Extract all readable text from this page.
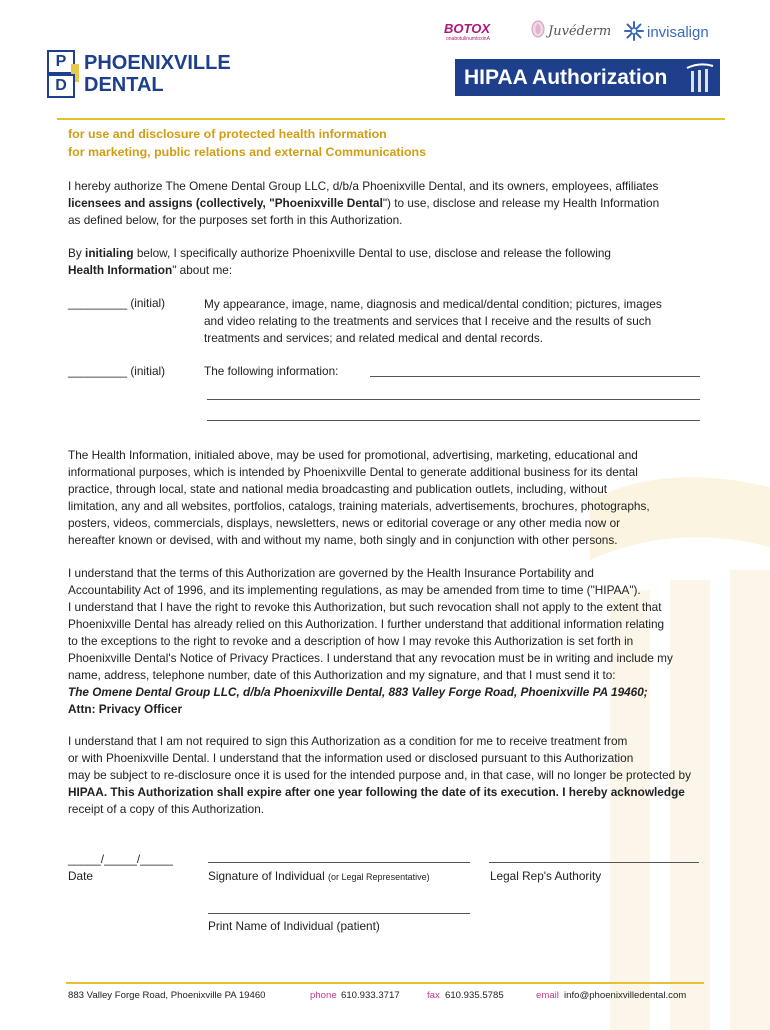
BOTOX
onabotulinumtoxinA	Juvéderm invisalign
P
D
PHOENIXVILLE
DENTAL	HIPAA Authorization
for use and disclosure of protected health information
for marketing, public relations and external Communications
I hereby authorize The Omene Dental Group LLC, d/b/a Phoenixville Dental, and its owners, employees, affiliates
licensees and assigns (collectively, "Phoenixville Dental") to use, disclose and release my Health Information
as defined below, for the purposes set forth in this Authorization.
By initialing below, I specifically authorize Phoenixville Dental to use, disclose and release the following
Health Information" about me:
_________ (initial)	My appearance, image, name, diagnosis and medical/dental condition; pictures, images
and video relating to the treatments and services that I receive and the results of such
treatments and services; and related medical and dental records.
_________ (initial)	The following information:
The Health Information, initialed above, may be used for promotional, advertising, marketing, educational and
informational purposes, which is intended by Phoenixville Dental to generate additional business for its dental
practice, through local, state and national media broadcasting and publication outlets, including, without
limitation, any and all websites, portfolios, catalogs, training materials, advertisements, brochures, photographs,
posters, videos, commercials, displays, newsletters, news or editorial coverage or any other media now or
hereafter known or devised, with and without my name, both singly and in conjunction with other persons.
I understand that the terms of this Authorization are governed by the Health Insurance Portability and
Accountability Act of 1996, and its implementing regulations, as may be amended from time to time ("HIPAA").
I understand that I have the right to revoke this Authorization, but such revocation shall not apply to the extent that
Phoenixville Dental has already relied on this Authorization. I further understand that additional information relating
to the exceptions to the right to revoke and a description of how I may revoke this Authorization is set forth in
Phoenixville Dental's Notice of Privacy Practices. I understand that any revocation must be in writing and include my
name, address, telephone number, date of this Authorization and my signature, and that I must send it to:
The Omene Dental Group LLC, d/b/a Phoenixville Dental, 883 Valley Forge Road, Phoenixville PA 19460;
Attn: Privacy Officer
I understand that I am not required to sign this Authorization as a condition for me to receive treatment from
or with Phoenixville Dental. I understand that the information used or disclosed pursuant to this Authorization
may be subject to re-disclosure once it is used for the intended purpose and, in that case, will no longer be protected by
HIPAA. This Authorization shall expire after one year following the date of its execution. I hereby acknowledge
receipt of a copy of this Authorization.
_____/_____/_____
Date	Signature of Individual (or Legal Representative)	Legal Rep's Authority
Print Name of Individual (patient)
883 Valley Forge Road, Phoenixville PA 19460	phone 610.933.3717	fax 610.935.5785	email info@phoenixvilledental.com
